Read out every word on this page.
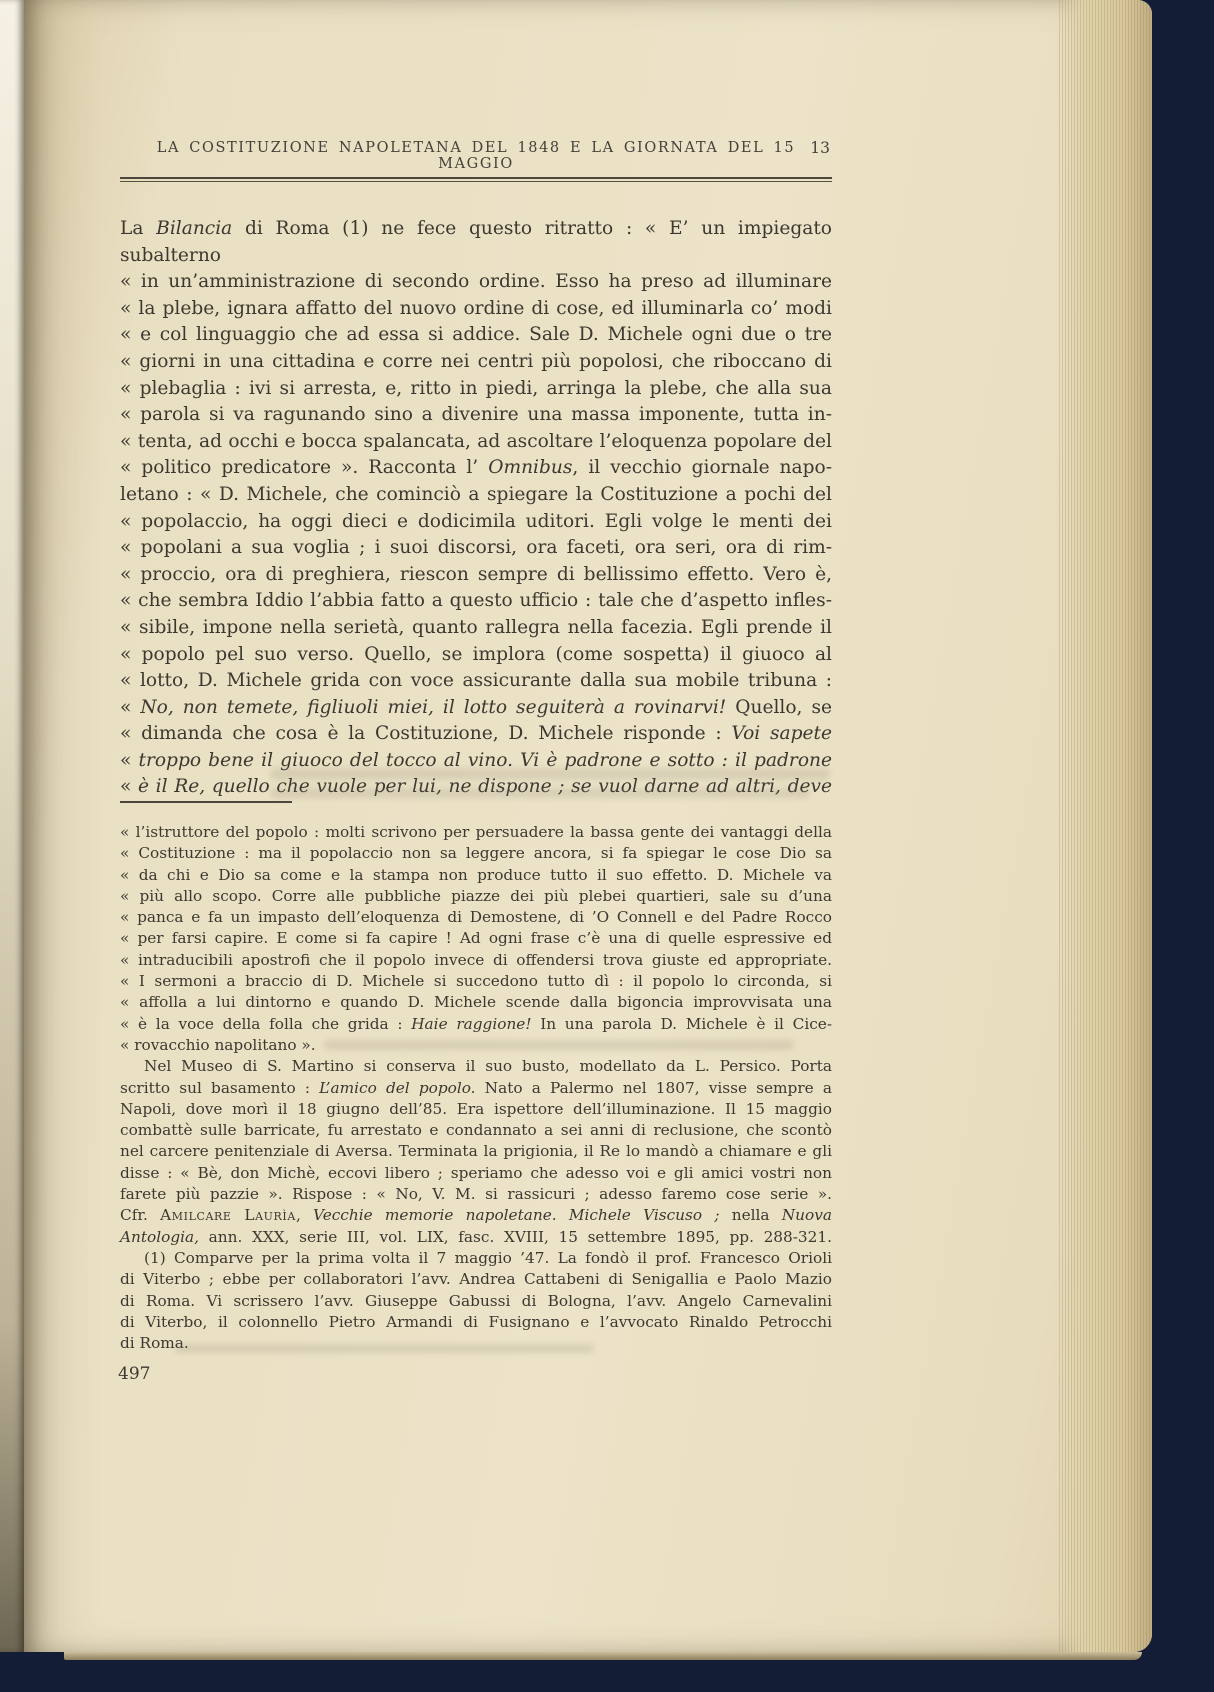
LA COSTITUZIONE NAPOLETANA DEL 1848 E LA GIORNATA DEL 15 MAGGIO
13
La Bilancia di Roma (1) ne fece questo ritratto : « E’ un impiegato subalterno
« in un’amministrazione di secondo ordine. Esso ha preso ad illuminare
« la plebe, ignara affatto del nuovo ordine di cose, ed illuminarla co’ modi
« e col linguaggio che ad essa si addice. Sale D. Michele ogni due o tre
« giorni in una cittadina e corre nei centri più popolosi, che riboccano di
« plebaglia : ivi si arresta, e, ritto in piedi, arringa la plebe, che alla sua
« parola si va ragunando sino a divenire una massa imponente, tutta in-
« tenta, ad occhi e bocca spalancata, ad ascoltare l’eloquenza popolare del
« politico predicatore ». Racconta l’ Omnibus, il vecchio giornale napo-
letano : « D. Michele, che cominciò a spiegare la Costituzione a pochi del
« popolaccio, ha oggi dieci e dodicimila uditori. Egli volge le menti dei
« popolani a sua voglia ; i suoi discorsi, ora faceti, ora seri, ora di rim-
« proccio, ora di preghiera, riescon sempre di bellissimo effetto. Vero è,
« che sembra Iddio l’abbia fatto a questo ufficio : tale che d’aspetto infles-
« sibile, impone nella serietà, quanto rallegra nella facezia. Egli prende il
« popolo pel suo verso. Quello, se implora (come sospetta) il giuoco al
« lotto, D. Michele grida con voce assicurante dalla sua mobile tribuna :
« No, non temete, figliuoli miei, il lotto seguiterà a rovinarvi! Quello, se
« dimanda che cosa è la Costituzione, D. Michele risponde : Voi sapete
« troppo bene il giuoco del tocco al vino. Vi è padrone e sotto : il padrone
« è il Re, quello che vuole per lui, ne dispone ; se vuol darne ad altri, deve
« l’istruttore del popolo : molti scrivono per persuadere la bassa gente dei vantaggi della
« Costituzione : ma il popolaccio non sa leggere ancora, si fa spiegar le cose Dio sa
« da chi e Dio sa come e la stampa non produce tutto il suo effetto. D. Michele va
« più allo scopo. Corre alle pubbliche piazze dei più plebei quartieri, sale su d’una
« panca e fa un impasto dell’eloquenza di Demostene, di ’O Connell e del Padre Rocco
« per farsi capire. E come si fa capire ! Ad ogni frase c’è una di quelle espressive ed
« intraducibili apostrofi che il popolo invece di offendersi trova giuste ed appropriate.
« I sermoni a braccio di D. Michele si succedono tutto dì : il popolo lo circonda, si
« affolla a lui dintorno e quando D. Michele scende dalla bigoncia improvvisata una
« è la voce della folla che grida : Haie raggione! In una parola D. Michele è il Cice-
« rovacchio napolitano ».
Nel Museo di S. Martino si conserva il suo busto, modellato da L. Persico. Porta
scritto sul basamento : L’amico del popolo. Nato a Palermo nel 1807, visse sempre a
Napoli, dove morì il 18 giugno dell’85. Era ispettore dell’illuminazione. Il 15 maggio
combattè sulle barricate, fu arrestato e condannato a sei anni di reclusione, che scontò
nel carcere penitenziale di Aversa. Terminata la prigionia, il Re lo mandò a chiamare e gli
disse : « Bè, don Michè, eccovi libero ; speriamo che adesso voi e gli amici vostri non
farete più pazzie ». Rispose : « No, V. M. si rassicuri ; adesso faremo cose serie ».
Cfr. Amilcare Laurìa, Vecchie memorie napoletane. Michele Viscuso ; nella Nuova
Antologia, ann. XXX, serie III, vol. LIX, fasc. XVIII, 15 settembre 1895, pp. 288-321.
(1) Comparve per la prima volta il 7 maggio ’47. La fondò il prof. Francesco Orioli
di Viterbo ; ebbe per collaboratori l’avv. Andrea Cattabeni di Senigallia e Paolo Mazio
di Roma. Vi scrissero l’avv. Giuseppe Gabussi di Bologna, l’avv. Angelo Carnevalini
di Viterbo, il colonnello Pietro Armandi di Fusignano e l’avvocato Rinaldo Petrocchi
di Roma.
497
